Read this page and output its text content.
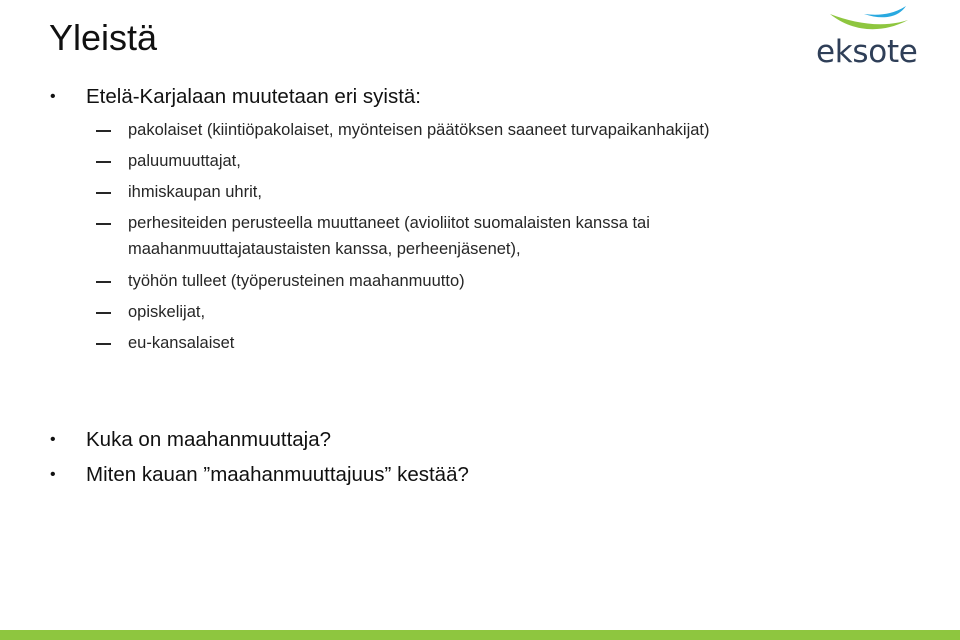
Yleistä	eksote
• Etelä-Karjalaan muutetaan eri syistä:
pakolaiset (kiintiöpakolaiset, myönteisen päätöksen saaneet turvapaikanhakijat)
paluumuuttajat,
ihmiskaupan uhrit,
perhesiteiden perusteella muuttaneet (avioliitot suomalaisten kanssa tai maahanmuuttajataustaisten kanssa, perheenjäsenet),
työhön tulleet (työperusteinen maahanmuutto)
opiskelijat,
eu-kansalaiset
• Kuka on maahanmuuttaja?
• Miten kauan ”maahanmuuttajuus” kestää?
